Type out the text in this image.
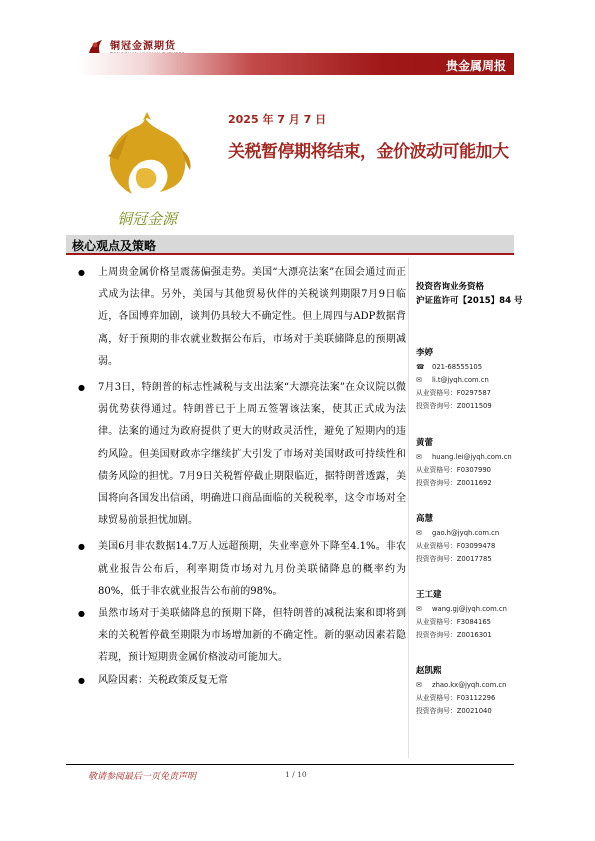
铜冠金源期货
贵金属周报
铜冠金源
2025 年 7 月 7 日
关税暂停期将结束，金价波动可能加大
核心观点及策略
● 上周贵金属价格呈震荡偏强走势。美国“大漂亮法案”在国会通过而正式成为法律。另外，美国与其他贸易伙伴的关税谈判期限7月9日临近，各国博弈加剧，谈判仍具较大不确定性。但上周四与ADP数据背离，好于预期的非农就业数据公布后，市场对于美联储降息的预期减弱。
● 7月3日，特朗普的标志性减税与支出法案“大漂亮法案”在众议院以微弱优势获得通过。特朗普已于上周五签署该法案，使其正式成为法律。法案的通过为政府提供了更大的财政灵活性，避免了短期内的违约风险。但美国财政赤字继续扩大引发了市场对美国财政可持续性和债务风险的担忧。7月9日关税暂停截止期限临近，据特朗普透露，美国将向各国发出信函，明确进口商品面临的关税税率，这令市场对全球贸易前景担忧加剧。
● 美国6月非农数据14.7万人远超预期，失业率意外下降至4.1%。非农就业报告公布后，利率期货市场对九月份美联储降息的概率约为80%，低于非农就业报告公布前的98%。
● 虽然市场对于美联储降息的预期下降，但特朗普的减税法案和即将到来的关税暂停截至期限为市场增加新的不确定性。新的驱动因素若隐若现，预计短期贵金属价格波动可能加大。
● 风险因素：关税政策反复无常
投资咨询业务资格
沪证监许可【2015】84 号
李婷
☎ 021-68555105
✉	li.t@jyqh.com.cn
从业资格号：F0297587
投资咨询号：Z0011509
黄蕾
✉	huang.lei@jyqh.com.cn
从业资格号：F0307990
投资咨询号：Z0011692
高慧
✉	gao.h@jyqh.com.cn
从业资格号：F03099478
投资咨询号：Z0017785
王工建
✉	wang.gj@jyqh.com.cn
从业资格号：F3084165
投资咨询号：Z0016301
赵凯熙
✉	zhao.kx@jyqh.com.cn
从业资格号：F03112296
投资咨询号：Z0021040
敬请参阅最后一页免责声明	1 / 10
